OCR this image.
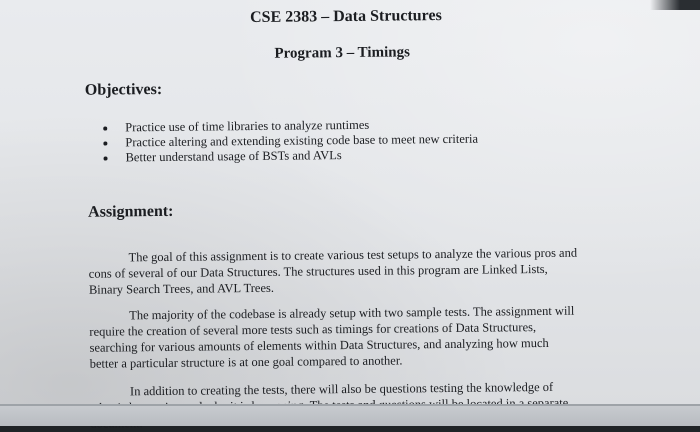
CSE 2383 – Data Structures
Program 3 – Timings
Objectives:
Practice use of time libraries to analyze runtimes
Practice altering and extending existing code base to meet new criteria
Better understand usage of BSTs and AVLs
Assignment:

The goal of this assignment is to create various test setups to analyze the various pros and
cons of several of our Data Structures. The structures used in this program are Linked Lists,
Binary Search Trees, and AVL Trees.

The majority of the codebase is already setup with two sample tests. The assignment will
require the creation of several more tests such as timings for creations of Data Structures,
searching for various amounts of elements within Data Structures, and analyzing how much
better a particular structure is at one goal compared to another.

In addition to creating the tests, there will also be questions testing the knowledge of
